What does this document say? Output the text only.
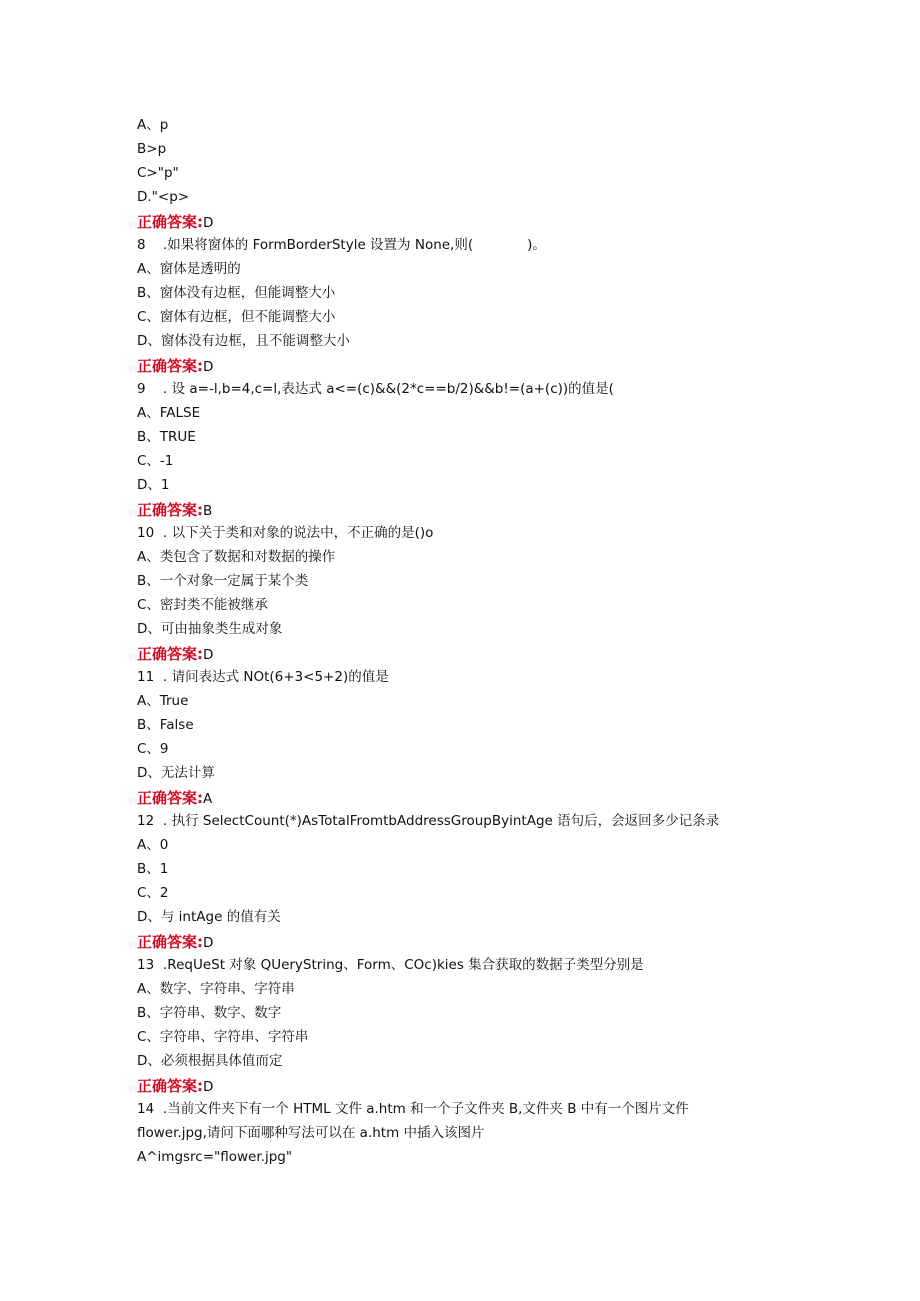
A、p
B>p
C>"p"
D."<p>
正确答案:D
8 .如果将窗体的 FormBorderStyle 设置为 None,则(　　　　)。
A、窗体是透明的
B、窗体没有边框，但能调整大小
C、窗体有边框，但不能调整大小
D、窗体没有边框，且不能调整大小
正确答案:D
9 . 设 a=-l,b=4,c=l,表达式 a<=(c)&&(2*c==b∕2)&&b!=(a+(c))的值是(
A、FALSE
B、TRUE
C、-1
D、1
正确答案:B
10 . 以下关于类和对象的说法中，不正确的是()o
A、类包含了数据和对数据的操作
B、一个对象一定属于某个类
C、密封类不能被继承
D、可由抽象类生成对象
正确答案:D
11 . 请问表达式 NOt(6+3<5+2)的值是
A、True
B、False
C、9
D、无法计算
正确答案:A
12 . 执行 SelectCount(*)AsTotalFromtbAddressGroupByintAge 语句后，会返回多少记条录
A、0
B、1
C、2
D、与 intAge 的值有关
正确答案:D
13 .ReqUeSt 对象 QUeryString、Form、COc)kies 集合获取的数据子类型分别是
A、数字、字符串、字符串
B、字符串、数字、数字
C、字符串、字符串、字符串
D、必须根据具体值而定
正确答案:D
14 .当前文件夹下有一个 HTML 文件 a.htm 和一个子文件夹 B,文件夹 B 中有一个图片文件
flower.jpg,请问下面哪种写法可以在 a.htm 中插入该图片
A^imgsrc="flower.jpg"
